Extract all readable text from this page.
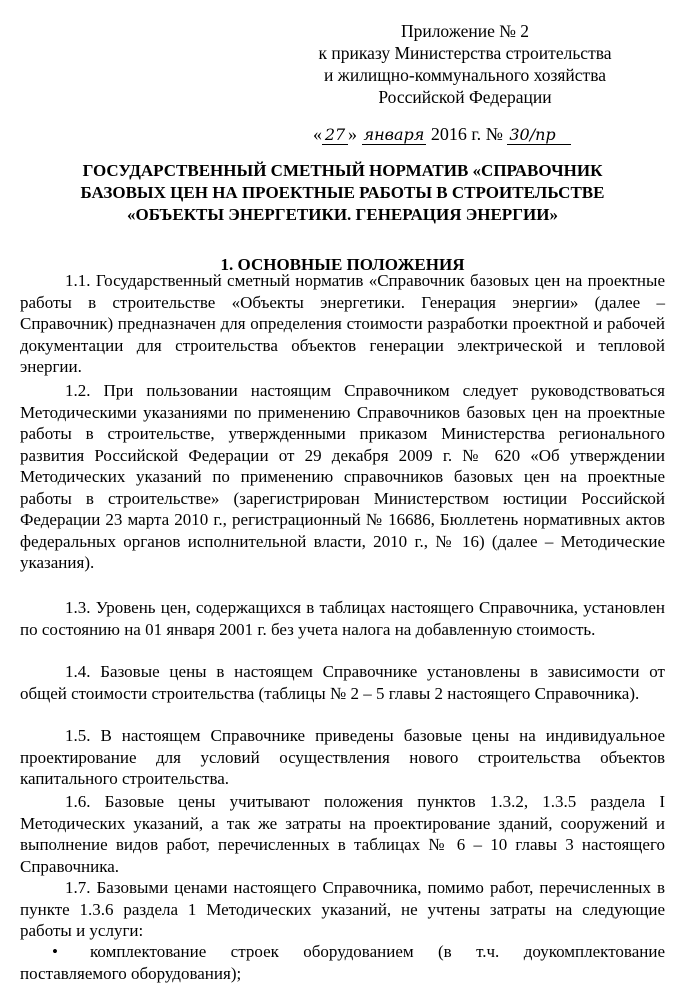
Приложение № 2
к приказу Министерства строительства
и жилищно-коммунального хозяйства
Российской Федерации
« 27 » января 2016 г. № 30/пр
ГОСУДАРСТВЕННЫЙ СМЕТНЫЙ НОРМАТИВ «СПРАВОЧНИК
БАЗОВЫХ ЦЕН НА ПРОЕКТНЫЕ РАБОТЫ В СТРОИТЕЛЬСТВЕ
«ОБЪЕКТЫ ЭНЕРГЕТИКИ. ГЕНЕРАЦИЯ ЭНЕРГИИ»
1. ОСНОВНЫЕ ПОЛОЖЕНИЯ

1.1. Государственный сметный норматив «Справочник базовых цен на проектные работы в строительстве «Объекты энергетики. Генерация энергии» (далее – Справочник) предназначен для определения стоимости разработки проектной и рабочей документации для строительства объектов генерации электрической и тепловой энергии.

1.2. При пользовании настоящим Справочником следует руководствоваться Методическими указаниями по применению Справочников базовых цен на проектные работы в строительстве, утвержденными приказом Министерства регионального развития Российской Федерации от 29 декабря 2009 г. № 620 «Об утверждении Методических указаний по применению справочников базовых цен на проектные работы в строительстве» (зарегистрирован Министерством юстиции Российской Федерации 23 марта 2010 г., регистрационный № 16686, Бюллетень нормативных актов федеральных органов исполнительной власти, 2010 г., № 16) (далее – Методические указания).

1.3. Уровень цен, содержащихся в таблицах настоящего Справочника, установлен по состоянию на 01 января 2001 г. без учета налога на добавленную стоимость.

1.4. Базовые цены в настоящем Справочнике установлены в зависимости от общей стоимости строительства (таблицы № 2 – 5 главы 2 настоящего Справочника).

1.5. В настоящем Справочнике приведены базовые цены на индивидуальное проектирование для условий осуществления нового строительства объектов капитального строительства.

1.6. Базовые цены учитывают положения пунктов 1.3.2, 1.3.5 раздела I Методических указаний, а так же затраты на проектирование зданий, сооружений и выполнение видов работ, перечисленных в таблицах № 6 – 10 главы 3 настоящего Справочника.

1.7. Базовыми ценами настоящего Справочника, помимо работ, перечисленных в пункте 1.3.6 раздела 1 Методических указаний, не учтены затраты на следующие работы и услуги:

• комплектование строек оборудованием (в т.ч. доукомплектование поставляемого оборудования);
